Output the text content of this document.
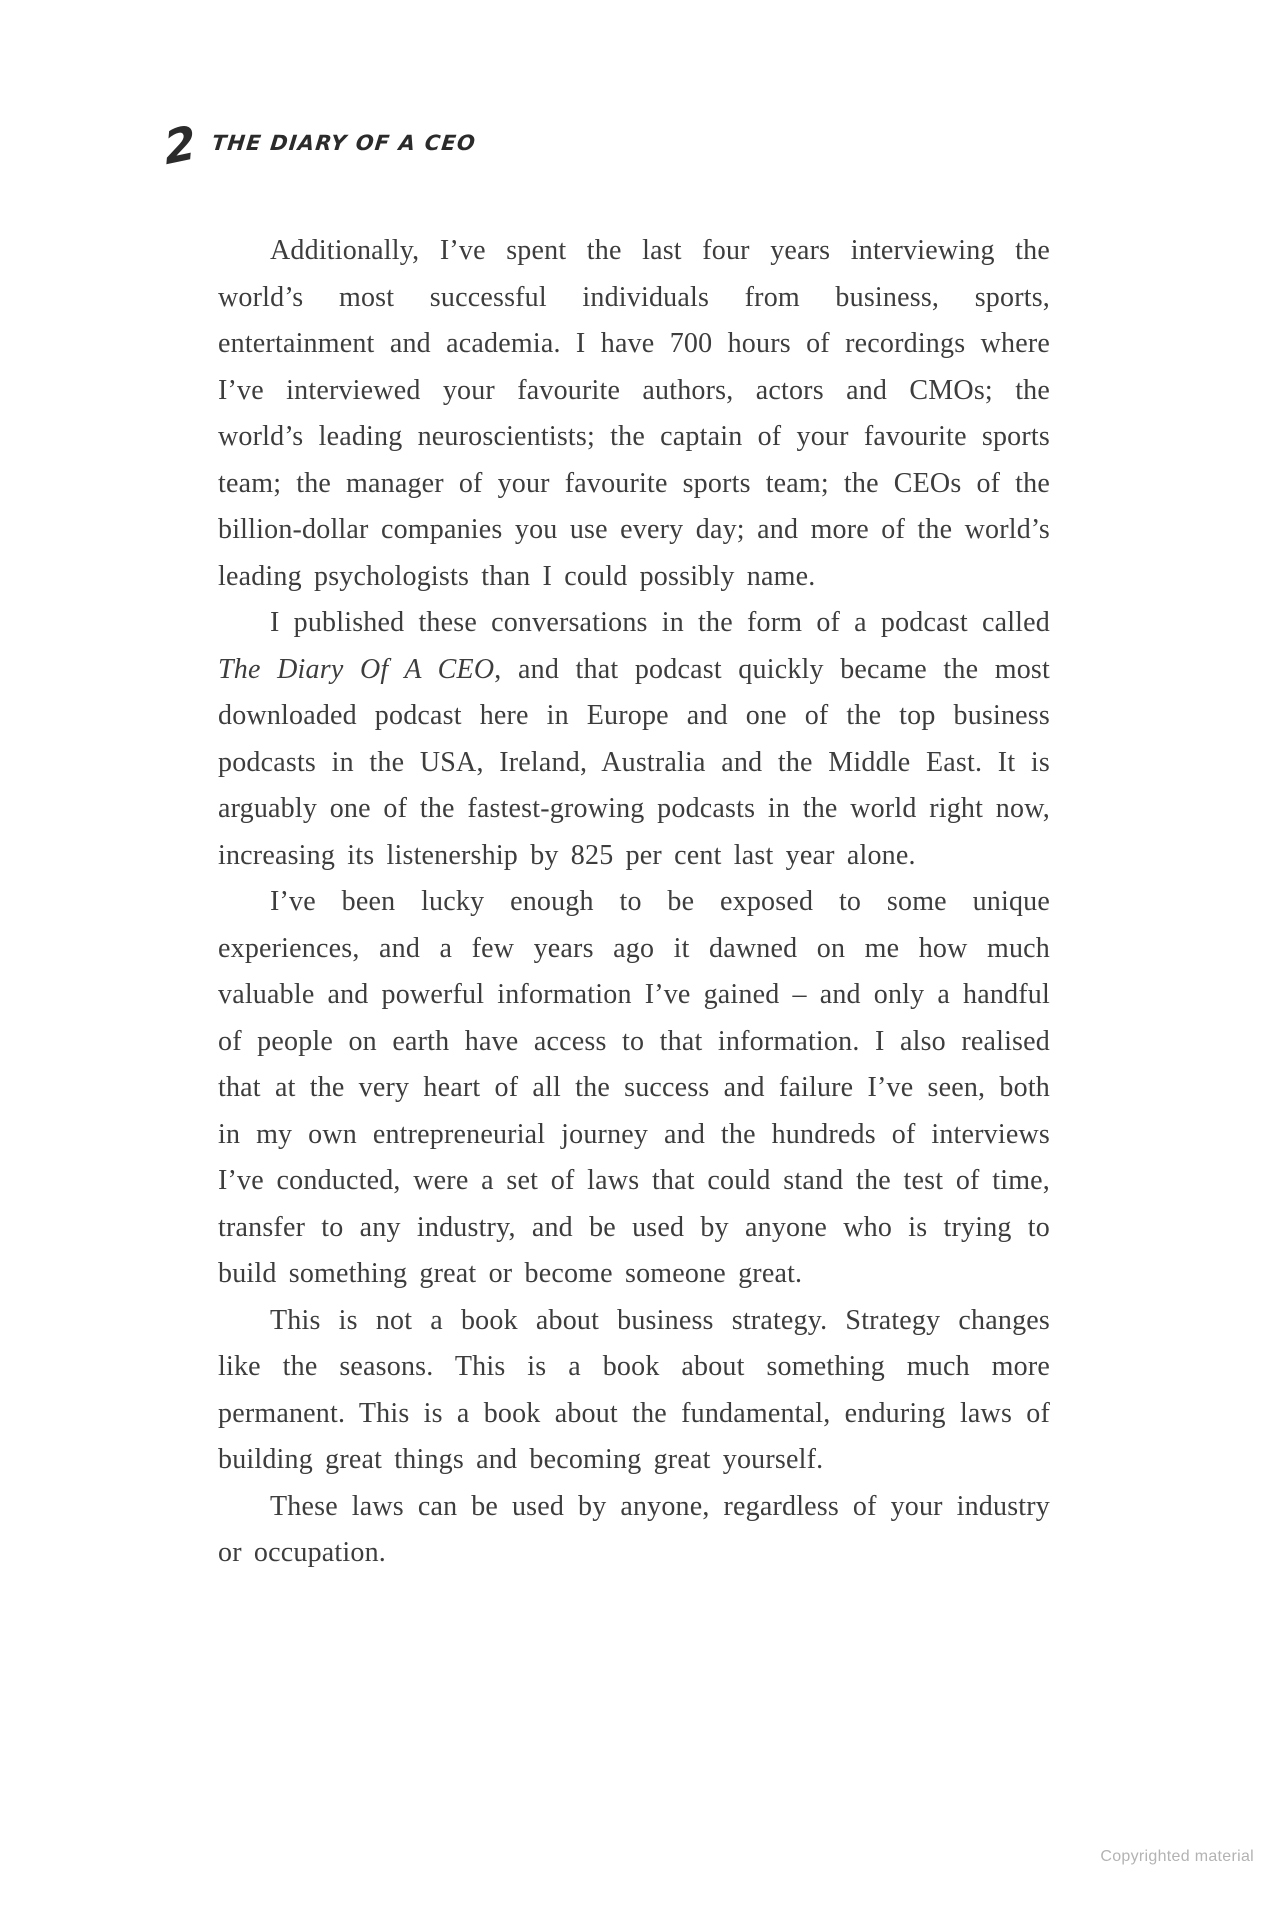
2 THE DIARY OF A CEO

Additionally, I’ve spent the last four years interviewing the world’s most successful individuals from business, sports, entertainment and academia. I have 700 hours of recordings where I’ve interviewed your favourite authors, actors and CMOs; the world’s leading neuroscientists; the captain of your favourite sports team; the manager of your favourite sports team; the CEOs of the billion-dollar companies you use every day; and more of the world’s leading psychologists than I could possibly name.

I published these conversations in the form of a podcast called The Diary Of A CEO, and that podcast quickly became the most downloaded podcast here in Europe and one of the top business podcasts in the USA, Ireland, Australia and the Middle East. It is arguably one of the fastest-growing podcasts in the world right now, increasing its listenership by 825 per cent last year alone.

I’ve been lucky enough to be exposed to some unique experiences, and a few years ago it dawned on me how much valuable and powerful information I’ve gained – and only a handful of people on earth have access to that information. I also realised that at the very heart of all the success and failure I’ve seen, both in my own entrepreneurial journey and the hundreds of interviews I’ve conducted, were a set of laws that could stand the test of time, transfer to any industry, and be used by anyone who is trying to build something great or become someone great.

This is not a book about business strategy. Strategy changes like the seasons. This is a book about something much more permanent. This is a book about the fundamental, enduring laws of building great things and becoming great yourself.

These laws can be used by anyone, regardless of your industry or occupation.

Copyrighted material
